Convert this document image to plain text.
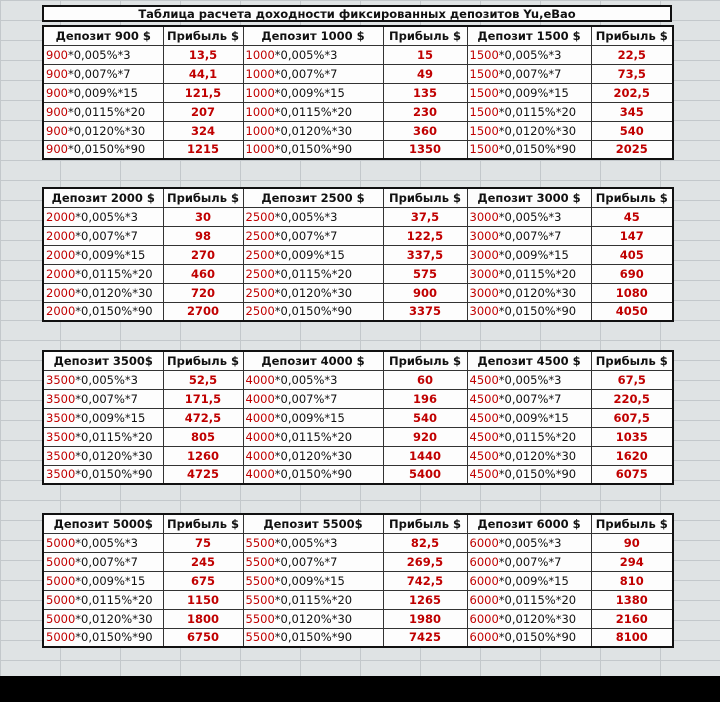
Таблица расчета доходности фиксированных депозитов Yu,eBao
Депозит 900 $	Прибыль $	Депозит 1000 $	Прибыль $	Депозит 1500 $	Прибыль $
900*0,005%*3	13,5	1000*0,005%*3	15	1500*0,005%*3	22,5
900*0,007%*7	44,1	1000*0,007%*7	49	1500*0,007%*7	73,5
900*0,009%*15	121,5	1000*0,009%*15	135	1500*0,009%*15	202,5
900*0,0115%*20	207	1000*0,0115%*20	230	1500*0,0115%*20	345
900*0,0120%*30	324	1000*0,0120%*30	360	1500*0,0120%*30	540
900*0,0150%*90	1215	1000*0,0150%*90	1350	1500*0,0150%*90	2025
Депозит 2000 $	Прибыль $	Депозит 2500 $	Прибыль $	Депозит 3000 $	Прибыль $
2000*0,005%*3	30	2500*0,005%*3	37,5	3000*0,005%*3	45
2000*0,007%*7	98	2500*0,007%*7	122,5	3000*0,007%*7	147
2000*0,009%*15	270	2500*0,009%*15	337,5	3000*0,009%*15	405
2000*0,0115%*20	460	2500*0,0115%*20	575	3000*0,0115%*20	690
2000*0,0120%*30	720	2500*0,0120%*30	900	3000*0,0120%*30	1080
2000*0,0150%*90	2700	2500*0,0150%*90	3375	3000*0,0150%*90	4050
Депозит 3500$	Прибыль $	Депозит 4000 $	Прибыль $	Депозит 4500 $	Прибыль $
3500*0,005%*3	52,5	4000*0,005%*3	60	4500*0,005%*3	67,5
3500*0,007%*7	171,5	4000*0,007%*7	196	4500*0,007%*7	220,5
3500*0,009%*15	472,5	4000*0,009%*15	540	4500*0,009%*15	607,5
3500*0,0115%*20	805	4000*0,0115%*20	920	4500*0,0115%*20	1035
3500*0,0120%*30	1260	4000*0,0120%*30	1440	4500*0,0120%*30	1620
3500*0,0150%*90	4725	4000*0,0150%*90	5400	4500*0,0150%*90	6075
Депозит 5000$	Прибыль $	Депозит 5500$	Прибыль $	Депозит 6000 $	Прибыль $
5000*0,005%*3	75	5500*0,005%*3	82,5	6000*0,005%*3	90
5000*0,007%*7	245	5500*0,007%*7	269,5	6000*0,007%*7	294
5000*0,009%*15	675	5500*0,009%*15	742,5	6000*0,009%*15	810
5000*0,0115%*20	1150	5500*0,0115%*20	1265	6000*0,0115%*20	1380
5000*0,0120%*30	1800	5500*0,0120%*30	1980	6000*0,0120%*30	2160
5000*0,0150%*90	6750	5500*0,0150%*90	7425	6000*0,0150%*90	8100
